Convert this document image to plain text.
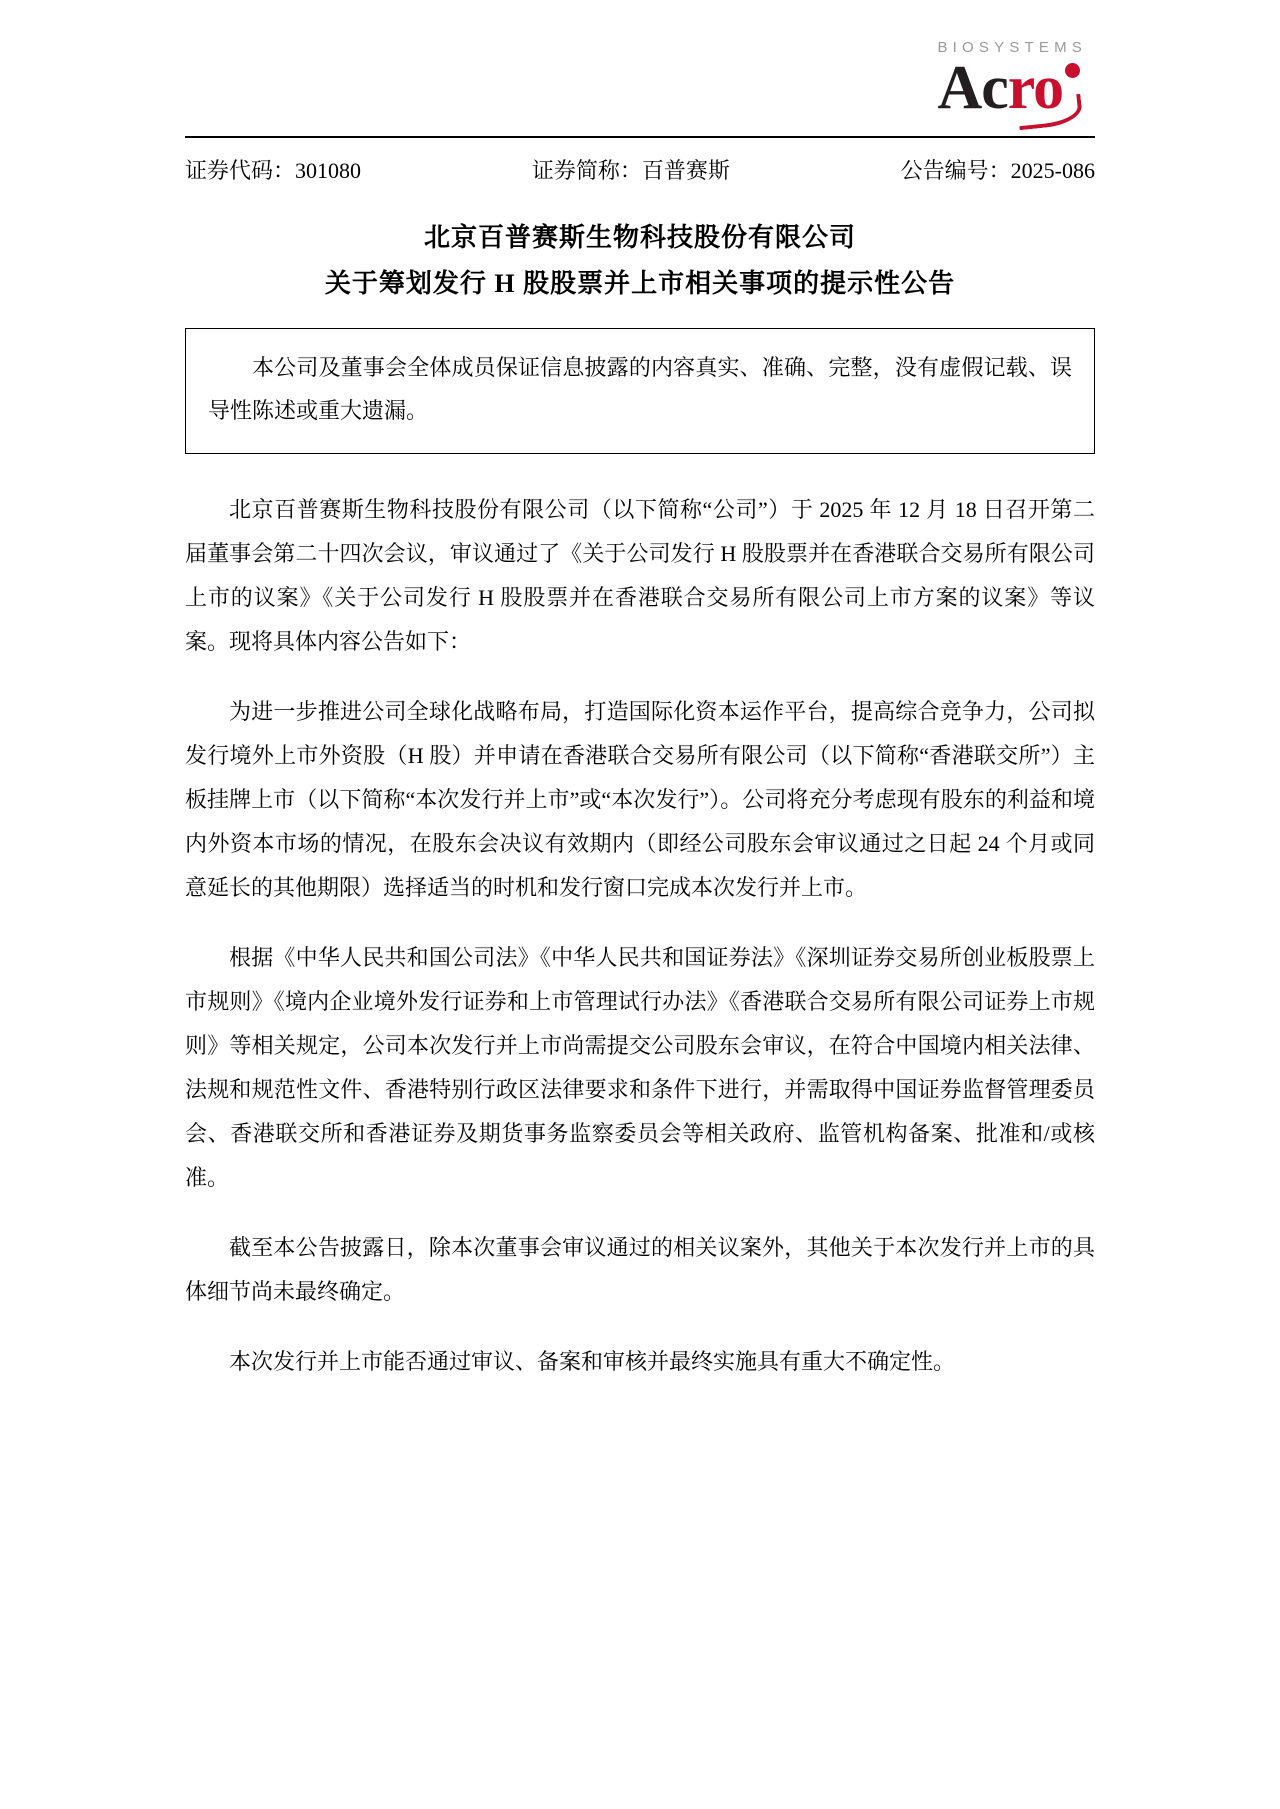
BIOSYSTEMS
Acro
证券代码：301080	证券简称：百普赛斯	公告编号：2025-086
北京百普赛斯生物科技股份有限公司
关于筹划发行 H 股股票并上市相关事项的提示性公告

本公司及董事会全体成员保证信息披露的内容真实、准确、完整，没有虚假记载、误导性陈述或重大遗漏。

北京百普赛斯生物科技股份有限公司（以下简称“公司”）于 2025 年 12 月 18 日召开第二届董事会第二十四次会议，审议通过了《关于公司发行 H 股股票并在香港联合交易所有限公司上市的议案》《关于公司发行 H 股股票并在香港联合交易所有限公司上市方案的议案》等议案。现将具体内容公告如下：

为进一步推进公司全球化战略布局，打造国际化资本运作平台，提高综合竞争力，公司拟发行境外上市外资股（H 股）并申请在香港联合交易所有限公司（以下简称“香港联交所”）主板挂牌上市（以下简称“本次发行并上市”或“本次发行”）。公司将充分考虑现有股东的利益和境内外资本市场的情况，在股东会决议有效期内（即经公司股东会审议通过之日起 24 个月或同意延长的其他期限）选择适当的时机和发行窗口完成本次发行并上市。

根据《中华人民共和国公司法》《中华人民共和国证券法》《深圳证券交易所创业板股票上市规则》《境内企业境外发行证券和上市管理试行办法》《香港联合交易所有限公司证券上市规则》等相关规定，公司本次发行并上市尚需提交公司股东会审议，在符合中国境内相关法律、法规和规范性文件、香港特别行政区法律要求和条件下进行，并需取得中国证券监督管理委员会、香港联交所和香港证券及期货事务监察委员会等相关政府、监管机构备案、批准和/或核准。

截至本公告披露日，除本次董事会审议通过的相关议案外，其他关于本次发行并上市的具体细节尚未最终确定。

本次发行并上市能否通过审议、备案和审核并最终实施具有重大不确定性。
